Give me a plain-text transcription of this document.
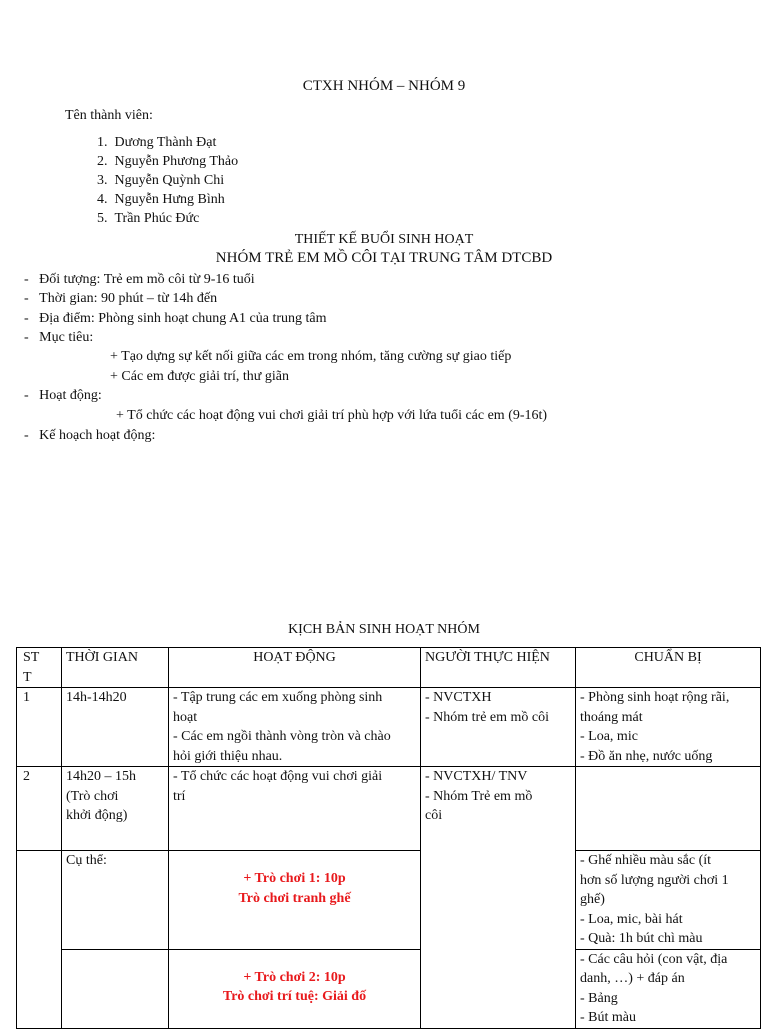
CTXH NHÓM – NHÓM 9
Tên thành viên:
1. Dương Thành Đạt
2. Nguyễn Phương Thảo
3. Nguyễn Quỳnh Chi
4. Nguyễn Hưng Bình
5. Trần Phúc Đức
THIẾT KẾ BUỔI SINH HOẠT
NHÓM TRẺ EM MỒ CÔI TẠI TRUNG TÂM DTCBD
-   Đối tượng: Trẻ em mồ côi từ 9-16 tuổi
-   Thời gian: 90 phút – từ 14h đến
-   Địa điểm: Phòng sinh hoạt chung A1 của trung tâm
-   Mục tiêu:
+ Tạo dựng sự kết nối giữa các em trong nhóm, tăng cường sự giao tiếp
+ Các em được giải trí, thư giãn
-   Hoạt động:
+ Tổ chức các hoạt động vui chơi giải trí phù hợp với lứa tuổi các em (9-16t)
-   Kế hoạch hoạt động:
KỊCH BẢN SINH HOẠT NHÓM
ST
T	THỜI GIAN	HOẠT ĐỘNG	NGƯỜI THỰC HIỆN	CHUẨN BỊ
1	14h-14h20	- Tập trung các em xuống phòng sinh
hoạt
- Các em ngồi thành vòng tròn và chào
hỏi giới thiệu nhau.	- NVCTXH
- Nhóm trẻ em mồ côi	- Phòng sinh hoạt rộng rãi,
thoáng mát
- Loa, mic
- Đồ ăn nhẹ, nước uống

2	14h20 – 15h
(Trò chơi
khởi động)	- Tổ chức các hoạt động vui chơi giải
trí	- NVCTXH/ TNV
- Nhóm Trẻ em mồ
côi	

	Cụ thể:	+ Trò chơi 1: 10p
Trò chơi tranh ghế		- Ghế nhiều màu sắc (ít
hơn số lượng người chơi 1
ghế)
- Loa, mic, bài hát
- Quà: 1h bút chì màu

		+ Trò chơi 2: 10p
Trò chơi trí tuệ: Giải đố		- Các câu hỏi (con vật, địa
danh, …) + đáp án
- Bảng
- Bút màu
